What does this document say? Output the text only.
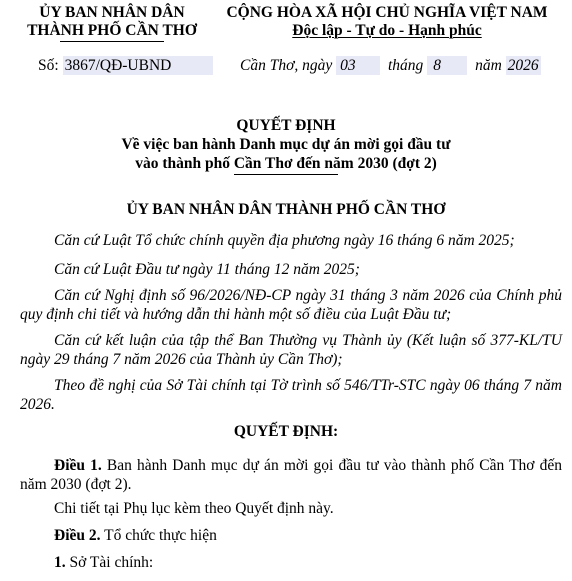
ỦY BAN NHÂN DÂN
THÀNH PHỐ CẦN THƠ
CỘNG HÒA XÃ HỘI CHỦ NGHĨA VIỆT NAM
Độc lập - Tự do - Hạnh phúc
Số: 3867/QĐ-UBND	Cần Thơ, ngày 03 tháng 8 năm 2026
QUYẾT ĐỊNH
Về việc ban hành Danh mục dự án mời gọi đầu tư
vào thành phố Cần Thơ đến năm 2030 (đợt 2)
ỦY BAN NHÂN DÂN THÀNH PHỐ CẦN THƠ
Căn cứ Luật Tổ chức chính quyền địa phương ngày 16 tháng 6 năm 2025;
Căn cứ Luật Đầu tư ngày 11 tháng 12 năm 2025;
Căn cứ Nghị định số 96/2026/NĐ-CP ngày 31 tháng 3 năm 2026 của Chính phủ quy định chi tiết và hướng dẫn thi hành một số điều của Luật Đầu tư;
Căn cứ kết luận của tập thể Ban Thường vụ Thành ủy (Kết luận số 377-KL/TU ngày 29 tháng 7 năm 2026 của Thành ủy Cần Thơ);
Theo đề nghị của Sở Tài chính tại Tờ trình số 546/TTr-STC ngày 06 tháng 7 năm 2026.
QUYẾT ĐỊNH:
Điều 1. Ban hành Danh mục dự án mời gọi đầu tư vào thành phố Cần Thơ đến năm 2030 (đợt 2).
Chi tiết tại Phụ lục kèm theo Quyết định này.
Điều 2. Tổ chức thực hiện
1. Sở Tài chính:
